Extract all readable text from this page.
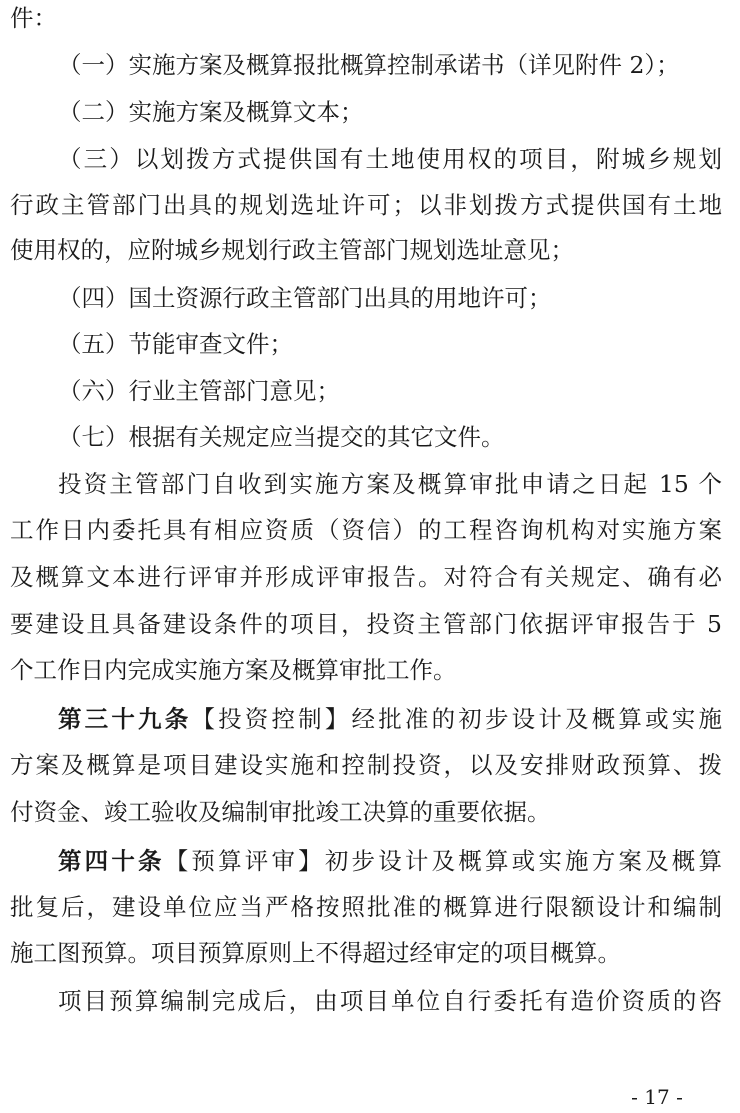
件：
（一）实施方案及概算报批概算控制承诺书（详见附件 2）；
（二）实施方案及概算文本；
（三）以划拨方式提供国有土地使用权的项目，附城乡规划
行政主管部门出具的规划选址许可；以非划拨方式提供国有土地
使用权的，应附城乡规划行政主管部门规划选址意见；
（四）国土资源行政主管部门出具的用地许可；
（五）节能审查文件；
（六）行业主管部门意见；
（七）根据有关规定应当提交的其它文件。
投资主管部门自收到实施方案及概算审批申请之日起 15 个
工作日内委托具有相应资质（资信）的工程咨询机构对实施方案
及概算文本进行评审并形成评审报告。对符合有关规定、确有必
要建设且具备建设条件的项目，投资主管部门依据评审报告于 5
个工作日内完成实施方案及概算审批工作。
第三十九条【投资控制】经批准的初步设计及概算或实施
方案及概算是项目建设实施和控制投资，以及安排财政预算、拨
付资金、竣工验收及编制审批竣工决算的重要依据。
第四十条【预算评审】初步设计及概算或实施方案及概算
批复后，建设单位应当严格按照批准的概算进行限额设计和编制
施工图预算。项目预算原则上不得超过经审定的项目概算。
项目预算编制完成后，由项目单位自行委托有造价资质的咨
- 17 -
